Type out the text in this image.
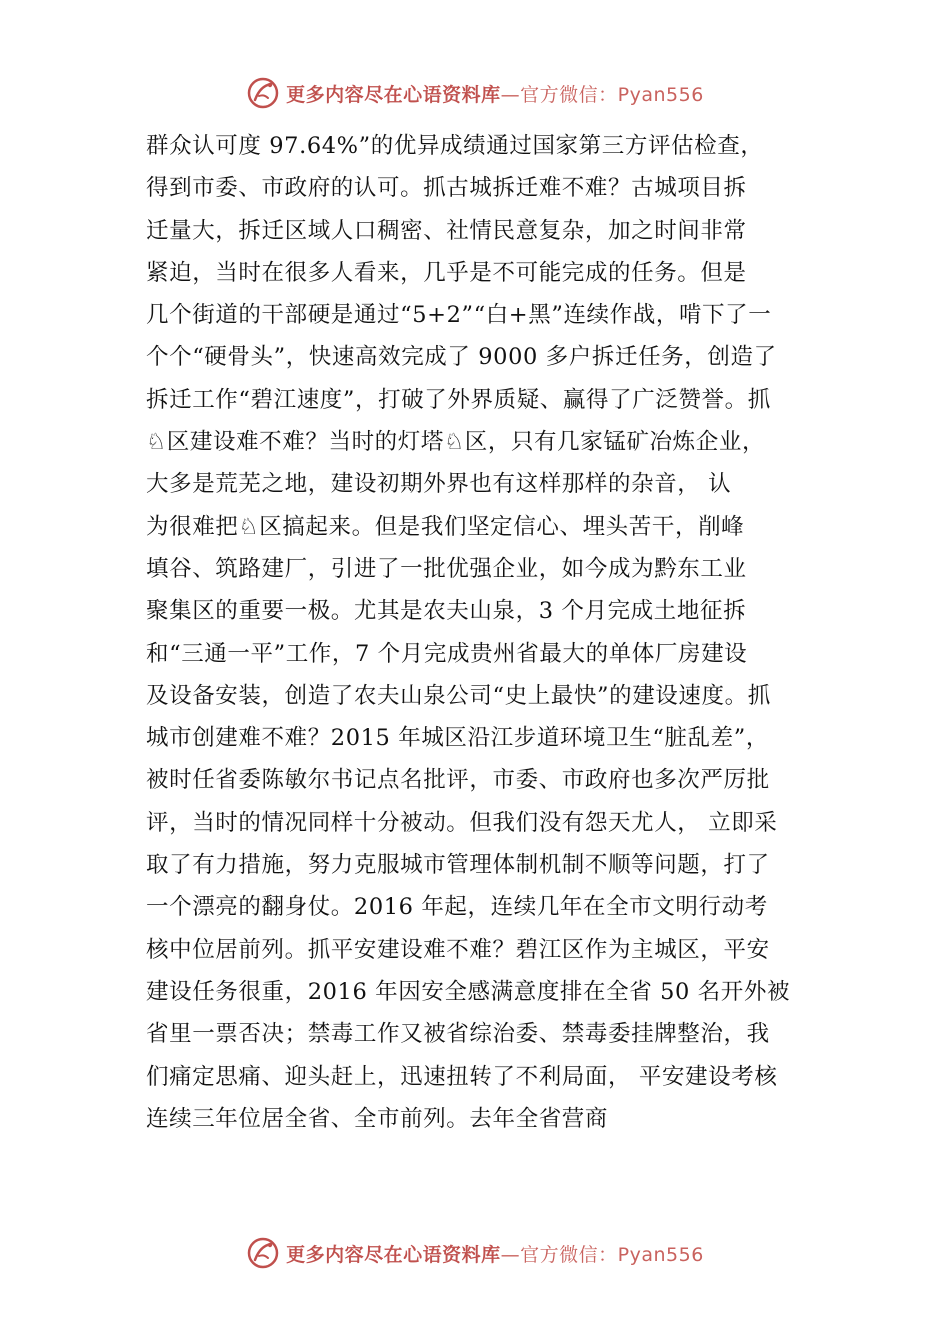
更多内容尽在心语资料库—官方微信：Pyan556
群众认可度 97.64%”的优异成绩通过国家第三方评估检查，
得到市委、市政府的认可。抓古城拆迁难不难？古城项目拆
迁量大，拆迁区域人口稠密、社情民意复杂，加之时间非常
紧迫，当时在很多人看来，几乎是不可能完成的任务。但是
几个街道的干部硬是通过“5+2”“白+黑”连续作战，啃下了一
个个“硬骨头”，快速高效完成了 9000 多户拆迁任务，创造了
拆迁工作“碧江速度”，打破了外界质疑、赢得了广泛赞誉。抓
♘区建设难不难？当时的灯塔♘区，只有几家锰矿冶炼企业，
大多是荒芜之地，建设初期外界也有这样那样的杂音， 认
为很难把♘区搞起来。但是我们坚定信心、埋头苦干，削峰
填谷、筑路建厂，引进了一批优强企业，如今成为黔东工业
聚集区的重要一极。尤其是农夫山泉，3 个月完成土地征拆
和“三通一平”工作，7 个月完成贵州省最大的单体厂房建设
及设备安装，创造了农夫山泉公司“史上最快”的建设速度。抓
城市创建难不难？2015 年城区沿江步道环境卫生“脏乱差”，
被时任省委陈敏尔书记点名批评，市委、市政府也多次严厉批
评，当时的情况同样十分被动。但我们没有怨天尤人， 立即采
取了有力措施，努力克服城市管理体制机制不顺等问题，打了
一个漂亮的翻身仗。2016 年起，连续几年在全市文明行动考
核中位居前列。抓平安建设难不难？碧江区作为主城区，平安
建设任务很重，2016 年因安全感满意度排在全省 50 名开外被
省里一票否决；禁毒工作又被省综治委、禁毒委挂牌整治，我
们痛定思痛、迎头赶上，迅速扭转了不利局面， 平安建设考核
连续三年位居全省、全市前列。去年全省营商
更多内容尽在心语资料库—官方微信：Pyan556
